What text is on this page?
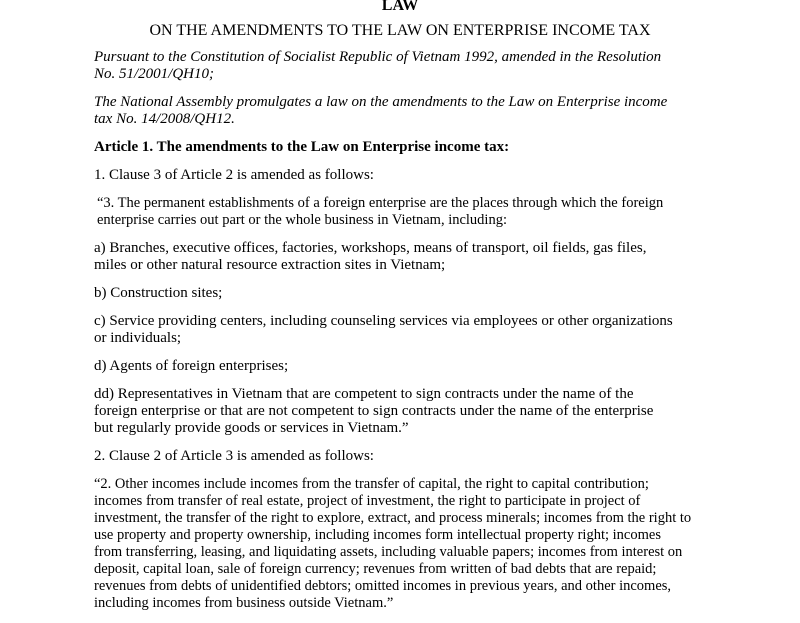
LAW
ON THE AMENDMENTS TO THE LAW ON ENTERPRISE INCOME TAX

Pursuant to the Constitution of Socialist Republic of Vietnam 1992, amended in the Resolution
No. 51/2001/QH10;

The National Assembly promulgates a law on the amendments to the Law on Enterprise income
tax No. 14/2008/QH12.

Article 1. The amendments to the Law on Enterprise income tax:

1. Clause 3 of Article 2 is amended as follows:

“3. The permanent establishments of a foreign enterprise are the places through which the foreign
enterprise carries out part or the whole business in Vietnam, including:

a) Branches, executive offices, factories, workshops, means of transport, oil fields, gas files,
miles or other natural resource extraction sites in Vietnam;

b) Construction sites;

c) Service providing centers, including counseling services via employees or other organizations
or individuals;

d) Agents of foreign enterprises;

dd) Representatives in Vietnam that are competent to sign contracts under the name of the
foreign enterprise or that are not competent to sign contracts under the name of the enterprise
but regularly provide goods or services in Vietnam.”

2. Clause 2 of Article 3 is amended as follows:

“2. Other incomes include incomes from the transfer of capital, the right to capital contribution;
incomes from transfer of real estate, project of investment, the right to participate in project of
investment, the transfer of the right to explore, extract, and process minerals; incomes from the right to
use property and property ownership, including incomes form intellectual property right; incomes
from transferring, leasing, and liquidating assets, including valuable papers; incomes from interest on
deposit, capital loan, sale of foreign currency; revenues from written of bad debts that are repaid;
revenues from debts of unidentified debtors; omitted incomes in previous years, and other incomes,
including incomes from business outside Vietnam.”
